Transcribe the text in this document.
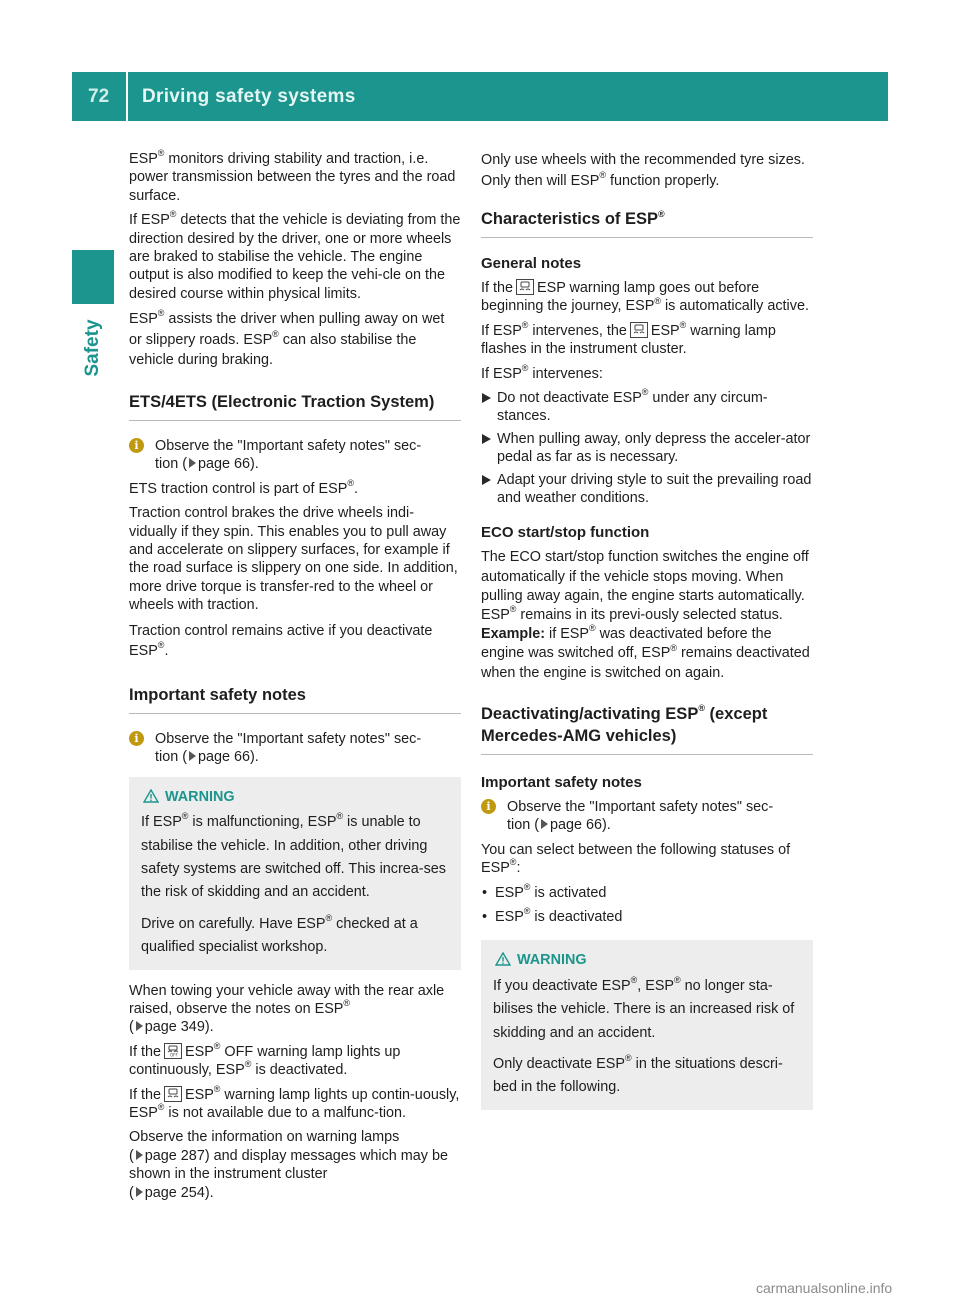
72 Driving safety systems
Safety

ESP® monitors driving stability and traction, i.e. power transmission between the tyres and the road surface.

If ESP® detects that the vehicle is deviating from the direction desired by the driver, one or more wheels are braked to stabilise the vehicle. The engine output is also modified to keep the vehi-cle on the desired course within physical limits.

ESP® assists the driver when pulling away on wet or slippery roads. ESP® can also stabilise the vehicle during braking.

ETS/4ETS (Electronic Traction System)
i	Observe the "Important safety notes" sec-
tion ( page 66).

ETS traction control is part of ESP®.

Traction control brakes the drive wheels indi-vidually if they spin. This enables you to pull away and accelerate on slippery surfaces, for example if the road surface is slippery on one side. In addition, more drive torque is transfer-red to the wheel or wheels with traction.

Traction control remains active if you deactivate ESP®.

Important safety notes
i	Observe the "Important safety notes" sec-
tion ( page 66).
WARNING

If ESP® is malfunctioning, ESP® is unable to stabilise the vehicle. In addition, other driving safety systems are switched off. This increa-ses the risk of skidding and an accident.

Drive on carefully. Have ESP® checked at a qualified specialist workshop.

When towing your vehicle away with the rear axle raised, observe the notes on ESP®
( page 349).

If the OFF ESP® OFF warning lamp lights up continuously, ESP® is deactivated.

If the ESP® warning lamp lights up contin-uously, ESP® is not available due to a malfunc-tion.

Observe the information on warning lamps
( page 287) and display messages which may be shown in the instrument cluster
( page 254).

Only use wheels with the recommended tyre sizes. Only then will ESP® function properly.

Characteristics of ESP®
General notes

If the ESP warning lamp goes out before beginning the journey, ESP® is automatically active.

If ESP® intervenes, the ESP® warning lamp flashes in the instrument cluster.

If ESP® intervenes:

Do not deactivate ESP® under any circum-stances.
When pulling away, only depress the acceler-ator pedal as far as is necessary.
Adapt your driving style to suit the prevailing road and weather conditions.
ECO start/stop function

The ECO start/stop function switches the engine off automatically if the vehicle stops moving. When pulling away again, the engine starts automatically. ESP® remains in its previ-ously selected status. Example: if ESP® was deactivated before the engine was switched off, ESP® remains deactivated when the engine is switched on again.

Deactivating/activating ESP® (except Mercedes-AMG vehicles)
Important safety notes
i	Observe the "Important safety notes" sec-
tion ( page 66).

You can select between the following statuses of ESP®:

• ESP® is activated
• ESP® is deactivated
WARNING

If you deactivate ESP®, ESP® no longer sta-bilises the vehicle. There is an increased risk of skidding and an accident.

Only deactivate ESP® in the situations descri-bed in the following.

carmanualsonline.info
